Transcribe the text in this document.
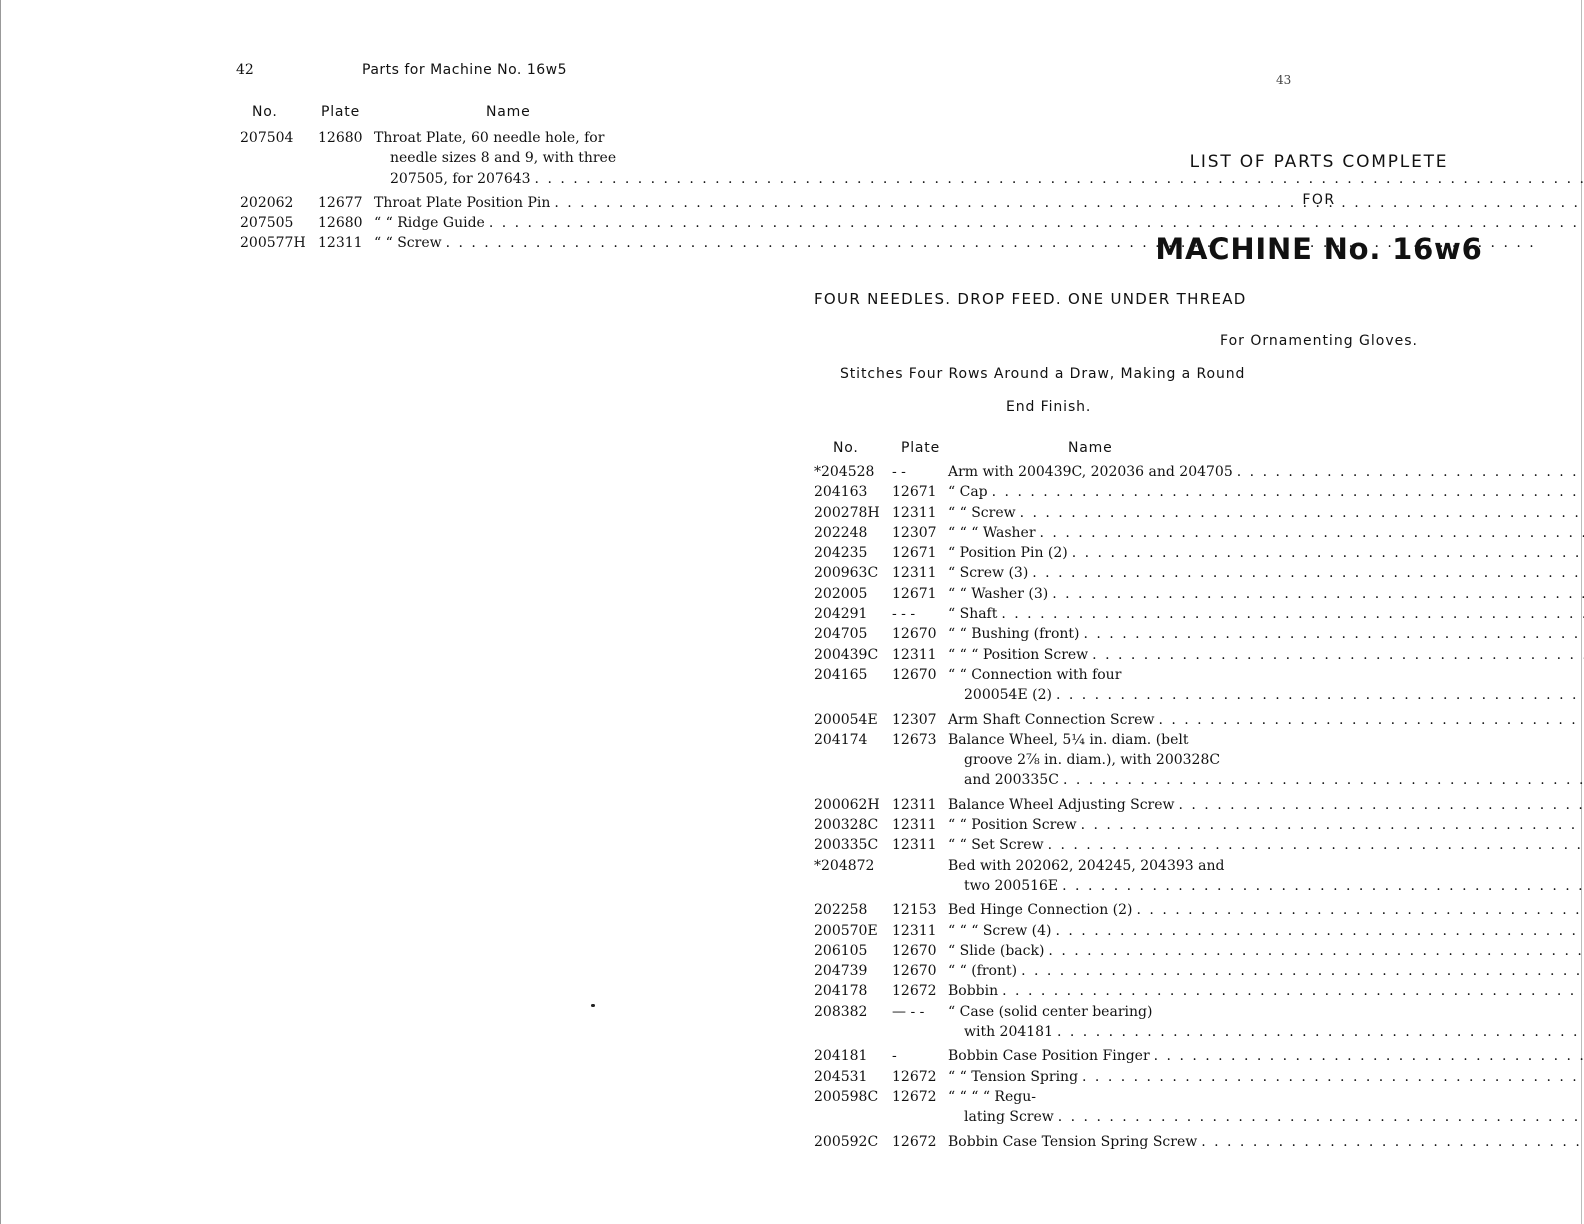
42	Parts for Machine No. 16w5
No.	Plate	Name
207504	12680 Throat Plate, 60 needle hole, for
needle sizes 8 and 9, with three
207505, for 207643
. . .
202062	12677 Throat Plate Position Pin
. . .
207505	12680 “ “ Ridge Guide
. . .
200577H 12311 “ “ Screw
. . .
43
LIST OF PARTS COMPLETE
FOR
MACHINE No. 16w6
FOUR NEEDLES. DROP FEED. ONE UNDER THREAD
For Ornamenting Gloves.
Stitches Four Rows Around a Draw, Making a Round
End Finish.
No.	Plate	Name
*204528	- -	Arm with 200439C, 202036 and 204705
. . .
204163	12671 “ Cap
. . .
200278H 12311 “ “ Screw
. . .
202248	12307 “ “ “ Washer
. . .
204235	12671 “ Position Pin (2)
. . .
200963C 12311 “ Screw (3)
. . .
202005	12671 “ “ Washer (3)
. . .
204291	- - -	“ Shaft
. . .
204705	12670 “ “ Bushing (front)
. . .
200439C 12311 “ “ “ Position Screw
. . .
204165	12670 “ “ Connection with four
200054E (2)
. . .
200054E	12307 Arm Shaft Connection Screw
. . .
204174	12673 Balance Wheel, 5¼ in. diam. (belt
groove 2⅞ in. diam.), with 200328C
and 200335C
. . .
200062H 12311 Balance Wheel Adjusting Screw
. . .
200328C 12311 “ “ Position Screw
. . .
200335C 12311 “ “ Set Screw
. . .
*204872	Bed with 202062, 204245, 204393 and
two 200516E
. . .
202258	12153 Bed Hinge Connection (2)
. . .
200570E	12311 “ “ “ Screw (4)
. . .
206105	12670 “ Slide (back)
. . .
204739	12670 “ “ (front)
. . .
204178	12672 Bobbin
. . .
208382	— - -	“ Case (solid center bearing)
with 204181
. . .
204181	-	Bobbin Case Position Finger
. . .
204531	12672 “ “ Tension Spring
. . .
200598C 12672 “ “ “ “ Regu-
lating Screw
. . .
200592C 12672 Bobbin Case Tension Spring Screw
. . .
